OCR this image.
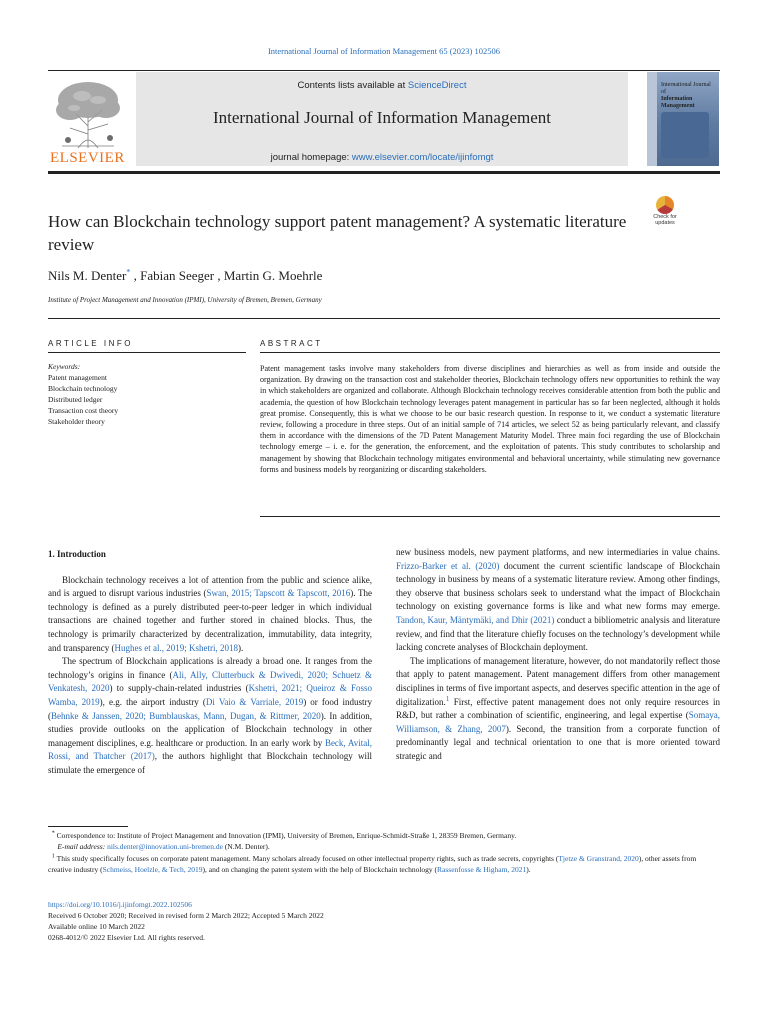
International Journal of Information Management 65 (2023) 102506
ELSEVIER
Contents lists available at ScienceDirect
International Journal of Information Management
journal homepage: www.elsevier.com/locate/ijinfomgt
International Journal of
Information Management
Check for
updates
How can Blockchain technology support patent management? A systematic literature review
Nils M. Denter* , Fabian Seeger , Martin G. Moehrle
Institute of Project Management and Innovation (IPMI), University of Bremen, Bremen, Germany
ARTICLE INFO	ABSTRACT
Keywords:
Patent management
Blockchain technology
Distributed ledger
Transaction cost theory
Stakeholder theory
Patent management tasks involve many stakeholders from diverse disciplines and hierarchies as well as from inside and outside the organization. By drawing on the transaction cost and stakeholder theories, Blockchain technology offers new opportunities to rethink the way in which stakeholders are organized and collaborate. Although Blockchain technology receives considerable attention from both the public and academia, the question of how Blockchain technology leverages patent management in particular has so far been neglected, although it holds great promise. Consequently, this is what we choose to be our basic research question. In response to it, we conduct a systematic literature review, following a procedure in three steps. Out of an initial sample of 714 articles, we select 52 as being particularly relevant, and classify them in accordance with the dimensions of the 7D Patent Management Maturity Model. Three main foci regarding the use of Blockchain technology emerge – i. e. for the generation, the enforcement, and the exploitation of patents. This study contributes to scholarship and management by showing that Blockchain technology mitigates environmental and behavioral uncertainty, while stimulating new governance forms and business models by reorganizing or discarding stakeholders.
1. Introduction

Blockchain technology receives a lot of attention from the public and science alike, and is argued to disrupt various industries (Swan, 2015; Tapscott & Tapscott, 2016). The technology is defined as a purely distributed peer-to-peer ledger in which individual transactions are chained together and further stored in chained blocks. Thus, the technology is primarily characterized by decentralization, immutability, data integrity, and transparency (Hughes et al., 2019; Kshetri, 2018).

The spectrum of Blockchain applications is already a broad one. It ranges from the technology’s origins in finance (Ali, Ally, Clutterbuck & Dwivedi, 2020; Schuetz & Venkatesh, 2020) to supply-chain-related industries (Kshetri, 2021; Queiroz & Fosso Wamba, 2019), e.g. the airport industry (Di Vaio & Varriale, 2019) or food industry (Behnke & Janssen, 2020; Bumblauskas, Mann, Dugan, & Rittmer, 2020). In addition, studies provide outlooks on the application of Blockchain technology in other management disciplines, e.g. healthcare or production. In an early work by Beck, Avital, Rossi, and Thatcher (2017), the authors highlight that Blockchain technology will stimulate the emergence of

new business models, new payment platforms, and new intermediaries in value chains. Frizzo-Barker et al. (2020) document the current scientific landscape of Blockchain technology in business by means of a systematic literature review. Among other findings, they observe that business scholars seek to understand what the impact of Blockchain technology on existing governance forms is like and what new forms may emerge. Tandon, Kaur, Mäntymäki, and Dhir (2021) conduct a bibliometric analysis and literature review, and find that the literature chiefly focuses on the technology’s development while lacking concrete analyses of Blockchain deployment.

The implications of management literature, however, do not mandatorily reflect those that apply to patent management. Patent management differs from other management disciplines in terms of five important aspects, and deserves specific attention in the age of digitalization.$^1$ First, effective patent management does not only require resources in R&D, but rather a combination of scientific, engineering, and legal expertise (Somaya, Williamson, & Zhang, 2007). Second, the transition from a corporate function of predominantly legal and technical orientation to one that is more oriented toward strategic and

* Correspondence to: Institute of Project Management and Innovation (IPMI), University of Bremen, Enrique-Schmidt-Straße 1, 28359 Bremen, Germany.

E-mail address: nils.denter@innovation.uni-bremen.de (N.M. Denter).

$^1$ This study specifically focuses on corporate patent management. Many scholars already focused on other intellectual property rights, such as trade secrets, copyrights (Tjetze & Granstrand, 2020), other assets from creative industry (Schmeiss, Hoelzle, & Tech, 2019), and on changing the patent system with the help of Blockchain technology (Rassenfosse & Higham, 2021).

https://doi.org/10.1016/j.ijinfomgt.2022.102506

Received 6 October 2020; Received in revised form 2 March 2022; Accepted 5 March 2022

Available online 10 March 2022

0268-4012/© 2022 Elsevier Ltd. All rights reserved.
